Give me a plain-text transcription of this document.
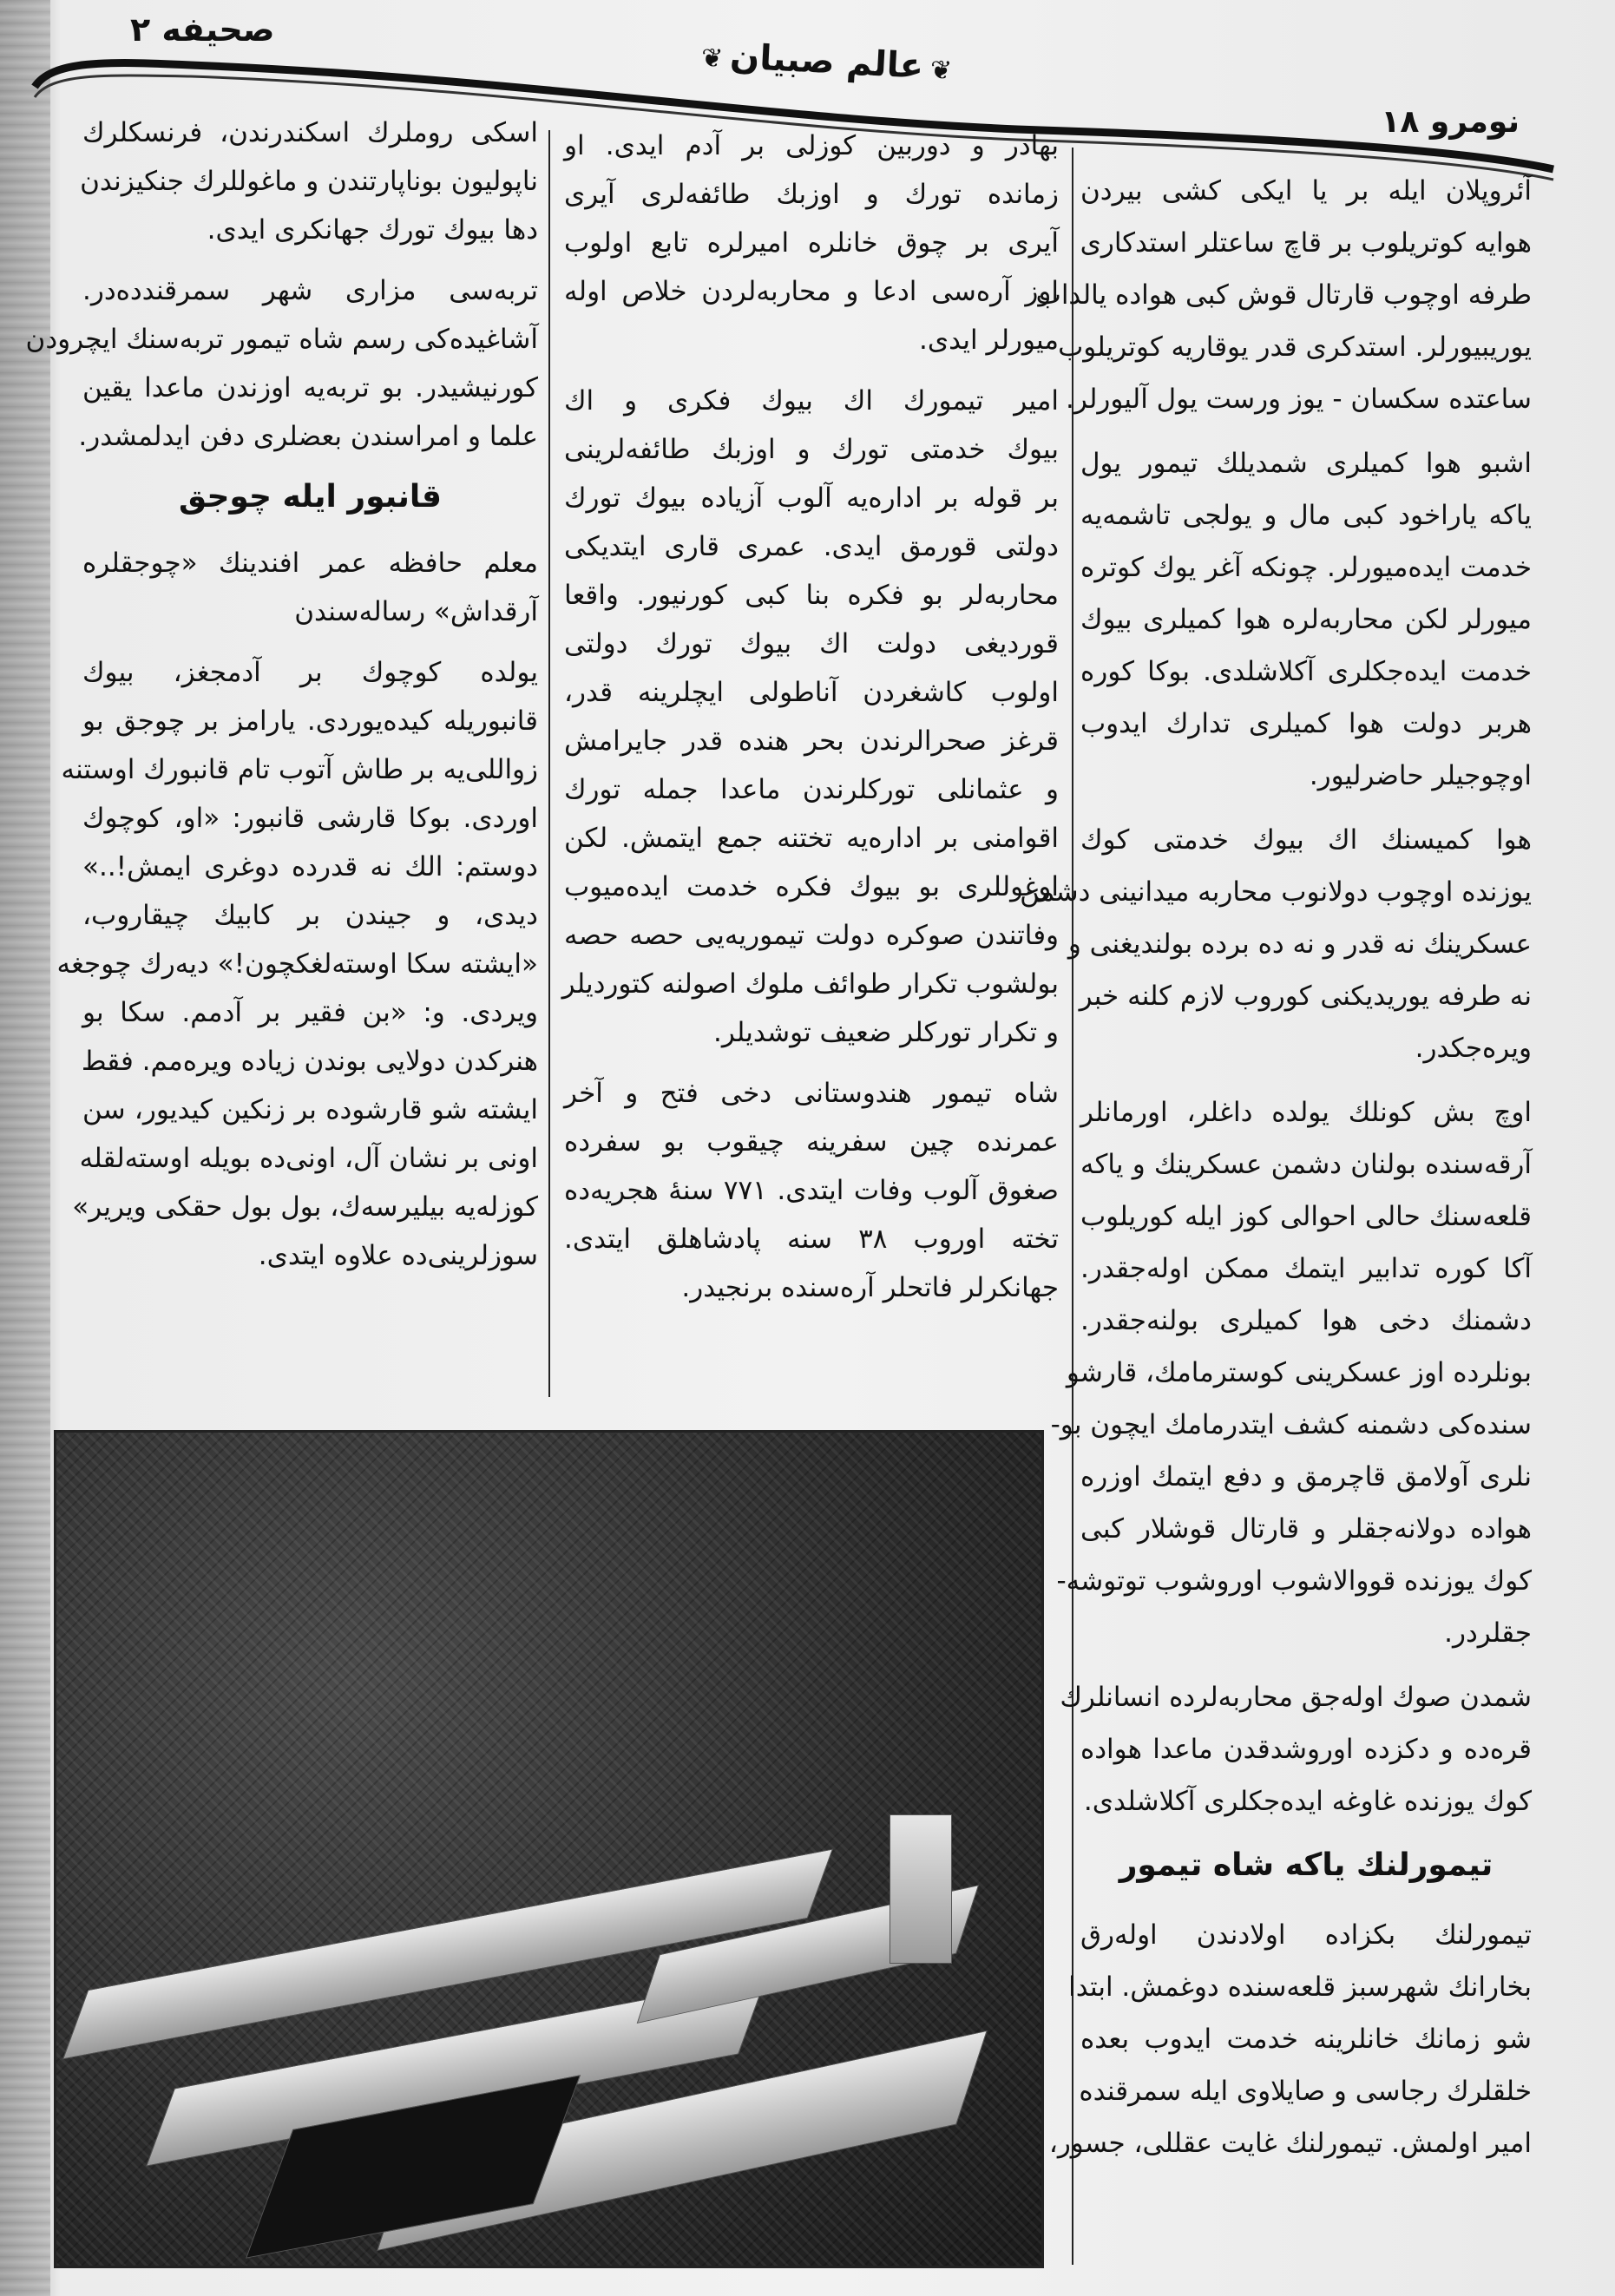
صحیفه ۲
❦عالم صبیان❦
نومرو ۱۸
اسکی روملرك اسکندرندن، فرنسکلرك
ناپولیون بوناپارتندن و ماغوللرك جنکیزندن
دها بیوك تورك جهانکری ایدی.
تربه‌سی مزاری شهر سمرقندده‌در.
آشاغیده‌کی رسم شاه تیمور تربه‌سنك ایچرودن
کورنیشیدر. بو تربه‌یه اوزندن ماعدا یقین
علما و امراسندن بعضلری دفن ایدلمشدر.
قانبور ایله چوجق
معلم حافظه عمر افندینك «چوجقلره
آرقداش» رساله‌سندن
یولده کوچوك بر آدمجغز، بیوك
قانبوریله کیده‌یوردی. یارامز بر چوجق بو
زواللی‌یه بر طاش آتوب تام قانبورك اوستنه
اوردی. بوکا قارشی قانبور: «او، کوچوك
دوستم: الك نه قدرده دوغری ایمش!..»
دیدی، و جیندن بر کابیك چیقاروب،
«ایشته سکا اوسته‌لغکچون!» دیه‌رك چوجغه
ویردی. و: «بن فقیر بر آدمم. سکا بو
هنرکدن دولایی بوندن زیاده ویره‌مم. فقط
ایشته شو قارشوده بر زنکین کیدیور، سن
اونی بر نشان آل، اونی‌ده بویله اوسته‌لقله
کوزله‌یه بیلیرسه‌ك، بول بول حقکی ویریر»
سوزلرینی‌ده علاوه ایتدی.
بهادر و دوربین کوزلی بر آدم ایدی. او
زمانده تورك و اوزبك طائفه‌لری آیری
آیری بر چوق خانلره امیرلره تابع اولوب
اوز آره‌سی ادعا و محاربه‌لردن خلاص اوله
میورلر ایدی.
امیر تیمورك اك بیوك فکری و اك
بیوك خدمتی تورك و اوزبك طائفه‌لرینی
بر قوله بر اداره‌یه آلوب آزیاده بیوك تورك
دولتی قورمق ایدی. عمری قاری ایتدیکی
محاربه‌لر بو فکره بنا کبی کورنیور. واقعا
قوردیغی دولت اك بیوك تورك دولتی
اولوب کاشغردن آناطولی ایچلرینه قدر،
قرغز صحرالرندن بحر هنده قدر جایرامش
و عثمانلی تورکلرندن ماعدا جمله تورك
اقوامنی بر اداره‌یه تختنه جمع ایتمش. لکن
اوغوللری بو بیوك فکره خدمت ایده‌میوب
وفاتندن صوکره دولت تیموریه‌یی حصه حصه
بولشوب تکرار طوائف ملوك اصولنه کتوردیلر
و تکرار تورکلر ضعیف توشدیلر.
شاه تیمور هندوستانی دخی فتح و آخر
عمرنده چین سفرینه چیقوب بو سفرده
صغوق آلوب وفات ایتدی. ۷۷۱ سنهٔ هجریه‌ده
تخته اوروب ۳۸ سنه پادشاهلق ایتدی.
جهانکرلر فاتحلر آره‌سنده برنجیدر.
آئروپلان ایله بر یا ایکی کشی بیردن
هوایه کوتریلوب بر قاچ ساعتلر استدکاری
طرفه اوچوب قارتال قوش کبی هواده یالداب
یوریبیورلر. استدکری قدر یوقاریه کوتریلوب
ساعتده سکسان - یوز ورست یول آلیورلر.
اشبو هوا کمیلری شمدیلك تیمور یول
یاکه یاراخود کبی مال و یولجی تاشمه‌یه
خدمت ایده‌میورلر. چونکه آغر یوك کوتره
میورلر لکن محاربه‌لره هوا کمیلری بیوك
خدمت ایده‌جکلری آکلاشلدی. بوکا کوره
هربر دولت هوا کمیلری تدارك ایدوب
اوچوجیلر حاضرلیور.
هوا کمیسنك اك بیوك خدمتی کوك
یوزنده اوچوب دولانوب محاربه میدانینی دشمن
عسکرینك نه قدر و نه ده برده بولندیغنی و
نه طرفه یوریدیکنی کوروب لازم کلنه خبر
ویره‌جکدر.
اوچ بش کونلك یولده داغلر، اورمانلر
آرقه‌سنده بولنان دشمن عسکرینك و یاکه
قلعه‌سنك حالی احوالی کوز ایله کوریلوب
آکا کوره تدابیر ایتمك ممکن اوله‌جقدر.
دشمنك دخی هوا کمیلری بولنه‌جقدر.
بونلرده اوز عسکرینی کوسترمامك، قارشو
سنده‌کی دشمنه کشف ایتدرمامك ایچون بو-
نلری آولامق قاچرمق و دفع ایتمك اوزره
هواده دولانه‌جقلر و قارتال قوشلار کبی
کوك یوزنده قووالاشوب اوروشوب توتوشه-
جقلردر.
شمدن صوك اوله‌جق محاربه‌لرده انسانلرك
قره‌ده و دکزده اوروشدقدن ماعدا هواده
کوك یوزنده غاوغه ایده‌جکلری آکلاشلدی.
تیمورلنك یاکه شاه تیمور
تیمورلنك بکزاده اولادندن اوله‌رق
بخارانك شهرسبز قلعه‌سنده دوغمش. ابتدا
شو زمانك خانلرینه خدمت ایدوب بعده
خلقلرك رجاسی و صایلاوی ایله سمرقنده
امیر اولمش. تیمورلنك غایت عقللی، جسور،
